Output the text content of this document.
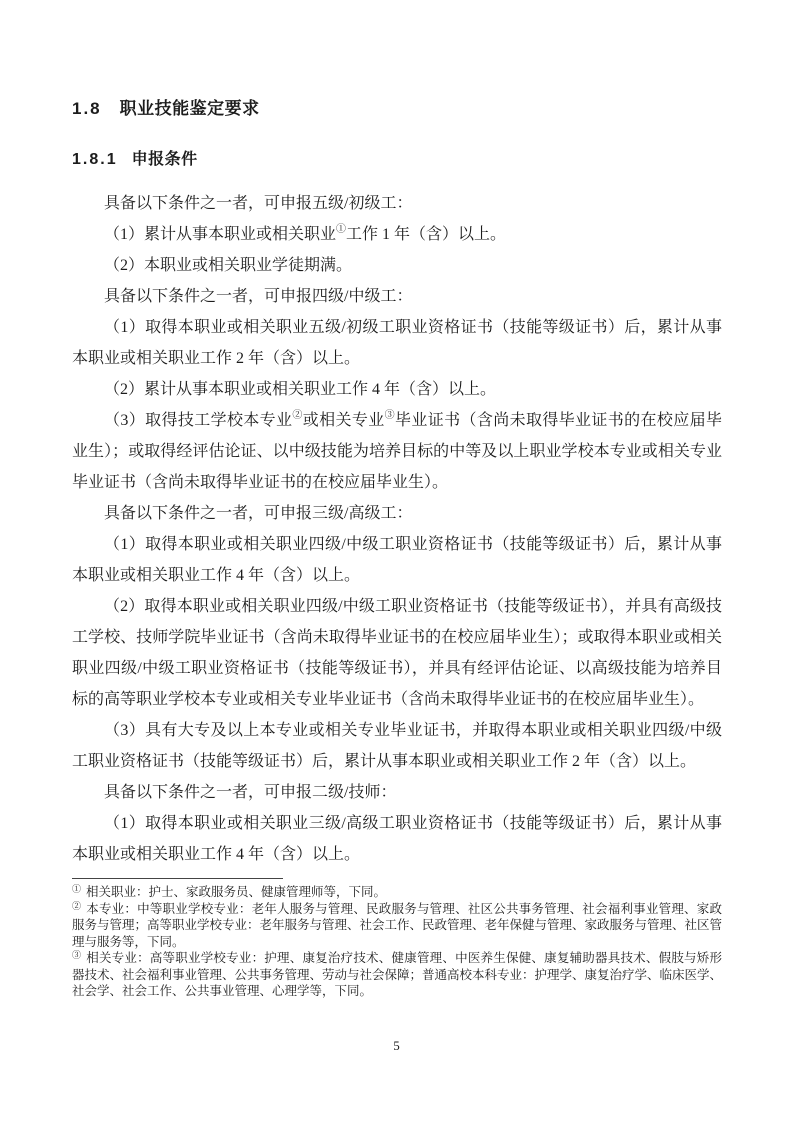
1.8 职业技能鉴定要求
1.8.1 申报条件

具备以下条件之一者，可申报五级/初级工：

（1）累计从事本职业或相关职业①工作 1 年（含）以上。

（2）本职业或相关职业学徒期满。

具备以下条件之一者，可申报四级/中级工：

（1）取得本职业或相关职业五级/初级工职业资格证书（技能等级证书）后，累计从事本职业或相关职业工作 2 年（含）以上。

（2）累计从事本职业或相关职业工作 4 年（含）以上。

（3）取得技工学校本专业②或相关专业③毕业证书（含尚未取得毕业证书的在校应届毕业生）；或取得经评估论证、以中级技能为培养目标的中等及以上职业学校本专业或相关专业毕业证书（含尚未取得毕业证书的在校应届毕业生）。

具备以下条件之一者，可申报三级/高级工：

（1）取得本职业或相关职业四级/中级工职业资格证书（技能等级证书）后，累计从事本职业或相关职业工作 4 年（含）以上。

（2）取得本职业或相关职业四级/中级工职业资格证书（技能等级证书），并具有高级技工学校、技师学院毕业证书（含尚未取得毕业证书的在校应届毕业生）；或取得本职业或相关职业四级/中级工职业资格证书（技能等级证书），并具有经评估论证、以高级技能为培养目标的高等职业学校本专业或相关专业毕业证书（含尚未取得毕业证书的在校应届毕业生）。

（3）具有大专及以上本专业或相关专业毕业证书，并取得本职业或相关职业四级/中级工职业资格证书（技能等级证书）后，累计从事本职业或相关职业工作 2 年（含）以上。

具备以下条件之一者，可申报二级/技师：

（1）取得本职业或相关职业三级/高级工职业资格证书（技能等级证书）后，累计从事本职业或相关职业工作 4 年（含）以上。

① 相关职业：护士、家政服务员、健康管理师等，下同。

② 本专业：中等职业学校专业：老年人服务与管理、民政服务与管理、社区公共事务管理、社会福利事业管理、家政服务与管理；高等职业学校专业：老年服务与管理、社会工作、民政管理、老年保健与管理、家政服务与管理、社区管理与服务等，下同。

③ 相关专业：高等职业学校专业：护理、康复治疗技术、健康管理、中医养生保健、康复辅助器具技术、假肢与矫形器技术、社会福利事业管理、公共事务管理、劳动与社会保障；普通高校本科专业：护理学、康复治疗学、临床医学、社会学、社会工作、公共事业管理、心理学等，下同。

5
